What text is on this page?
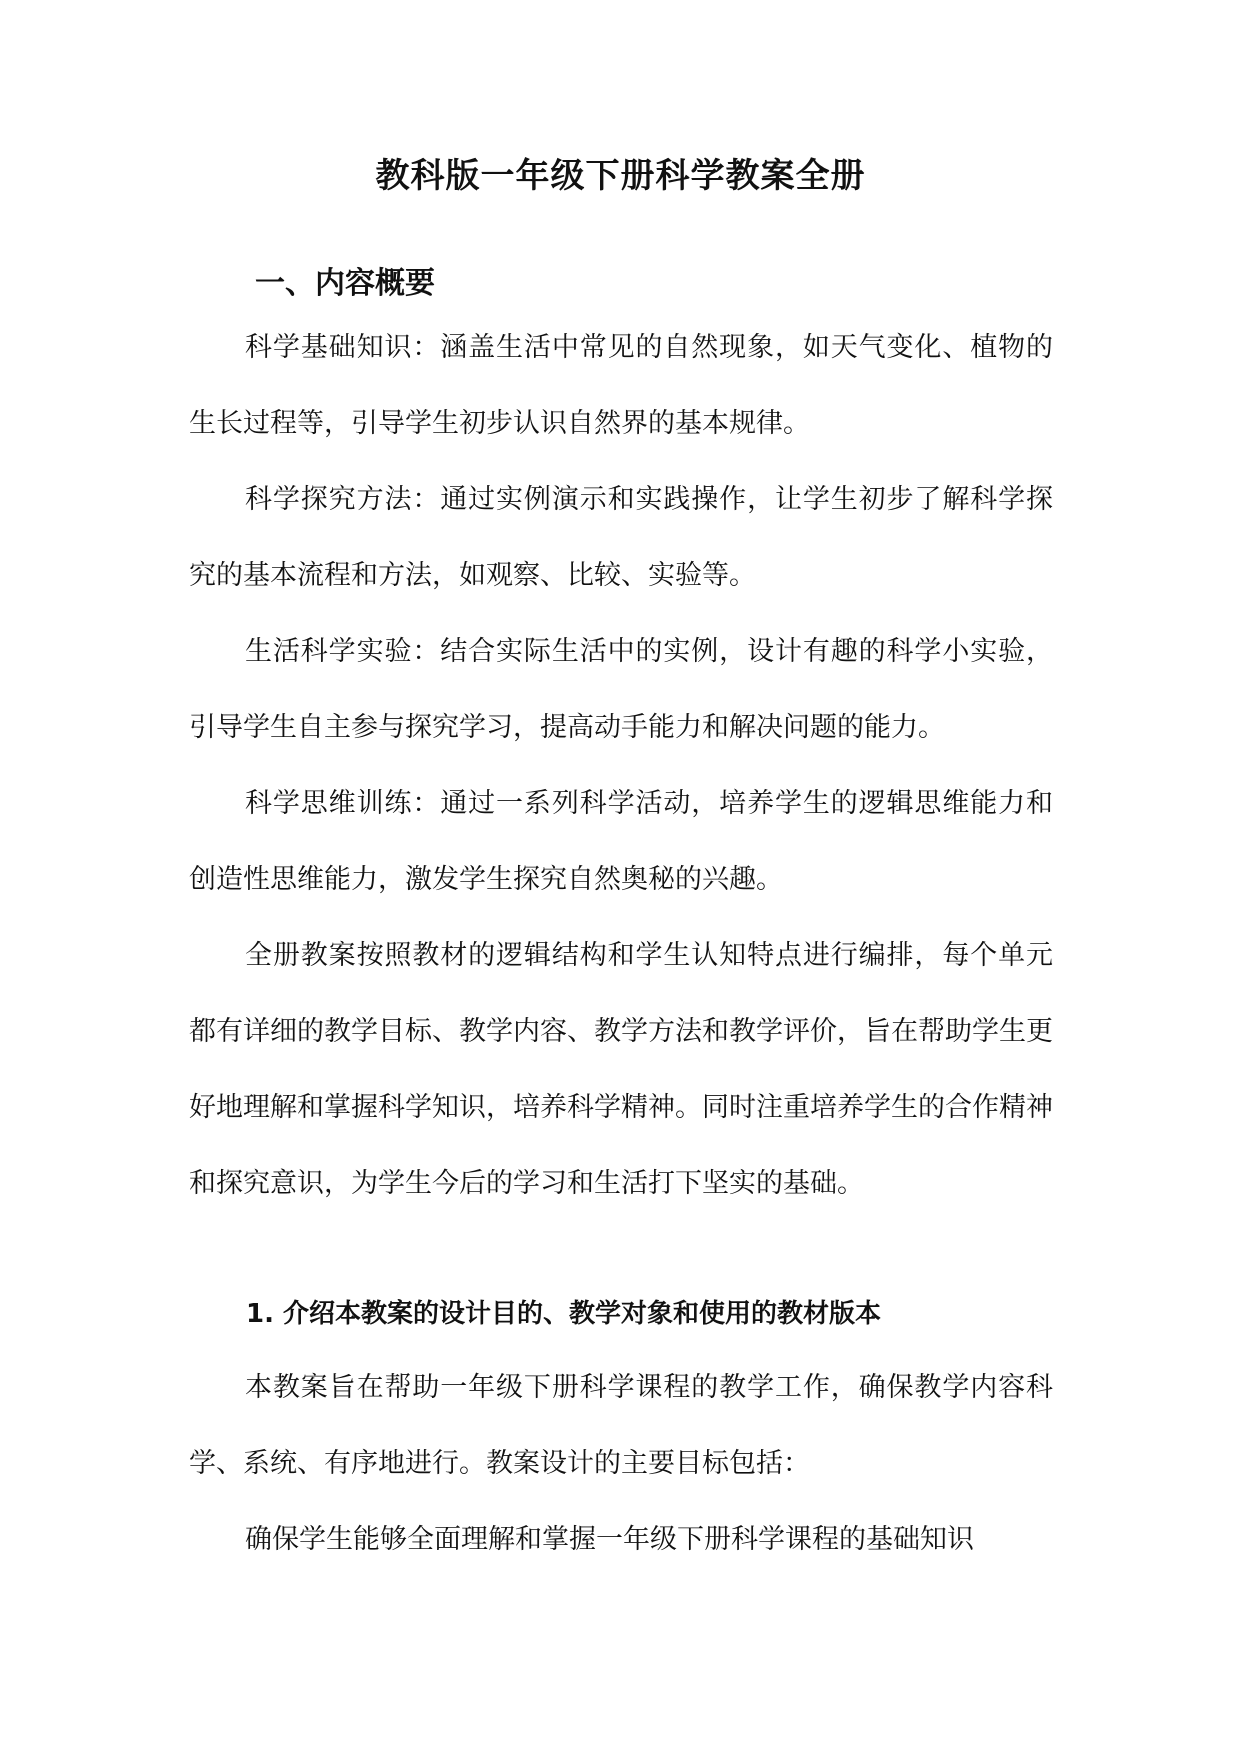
教科版一年级下册科学教案全册
一、内容概要

科学基础知识：涵盖生活中常见的自然现象，如天气变化、植物的生长过程等，引导学生初步认识自然界的基本规律。

科学探究方法：通过实例演示和实践操作，让学生初步了解科学探究的基本流程和方法，如观察、比较、实验等。

生活科学实验：结合实际生活中的实例，设计有趣的科学小实验，引导学生自主参与探究学习，提高动手能力和解决问题的能力。

科学思维训练：通过一系列科学活动，培养学生的逻辑思维能力和创造性思维能力，激发学生探究自然奥秘的兴趣。

全册教案按照教材的逻辑结构和学生认知特点进行编排，每个单元都有详细的教学目标、教学内容、教学方法和教学评价，旨在帮助学生更好地理解和掌握科学知识，培养科学精神。同时注重培养学生的合作精神和探究意识，为学生今后的学习和生活打下坚实的基础。

1. 介绍本教案的设计目的、教学对象和使用的教材版本

本教案旨在帮助一年级下册科学课程的教学工作，确保教学内容科学、系统、有序地进行。教案设计的主要目标包括：

确保学生能够全面理解和掌握一年级下册科学课程的基础知识
